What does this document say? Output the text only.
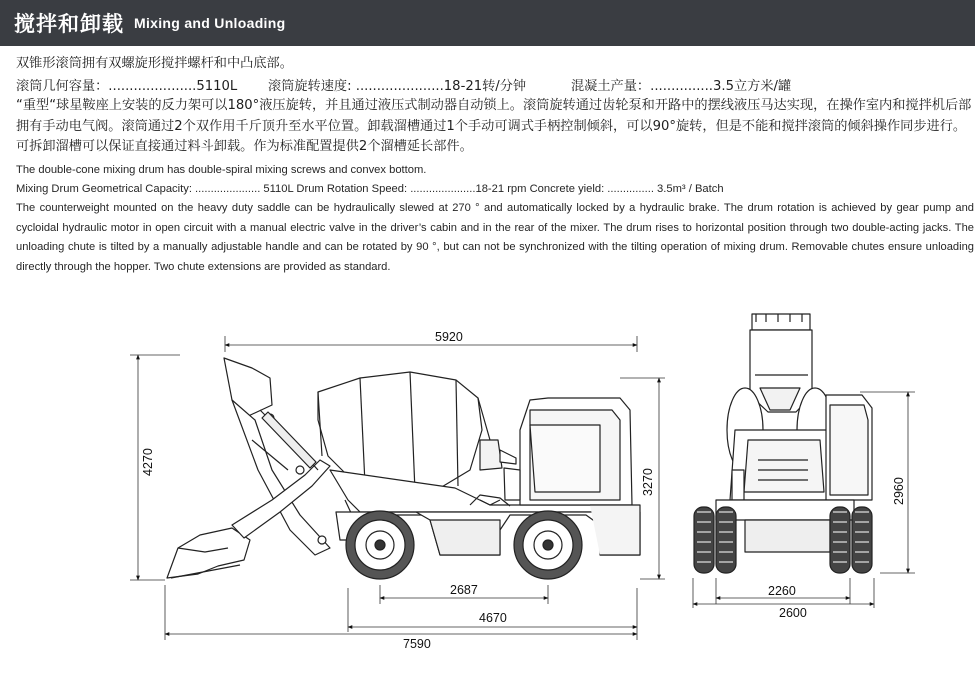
搅拌和卸载 Mixing and Unloading
双锥形滚筒拥有双螺旋形搅拌螺杆和中凸底部。
滚筒几何容量：.....................5110L 滚筒旋转速度: .....................18-21转/分钟	混凝土产量：...............3.5立方米/罐

“重型“球星鞍座上安装的反力架可以180°液压旋转，并且通过液压式制动器自动锁上。滚筒旋转通过齿轮泵和开路中的摆线液压马达实现，在操作室内和搅拌机后部拥有手动电气阀。滚筒通过2个双作用千斤顶升至水平位置。卸载溜槽通过1个手动可调式手柄控制倾斜，可以90°旋转，但是不能和搅拌滚筒的倾斜操作同步进行。可拆卸溜槽可以保证直接通过料斗卸载。作为标准配置提供2个溜槽延长部件。

The double-cone mixing drum has double-spiral mixing screws and convex bottom.
Mixing Drum Geometrical Capacity: ..................... 5110L Drum Rotation Speed: .....................18-21 rpm Concrete yield: ............... 3.5m³ / Batch

The counterweight mounted on the heavy duty saddle can be hydraulically slewed at 270 ° and automatically locked by a hydraulic brake. The drum rotation is achieved by gear pump and cycloidal hydraulic motor in open circuit with a manual electric valve in the driver’s cabin and in the rear of the mixer. The drum rises to horizontal position through two double-acting jacks. The unloading chute is tilted by a manually adjustable handle and can be rotated by 90 °, but can not be synchronized with the tilting operation of mixing drum. Removable chutes ensure unloading directly through the hopper. Two chute extensions are provided as standard.

5920
4270
3270
2687
4670
7590
2960
2260
2600
